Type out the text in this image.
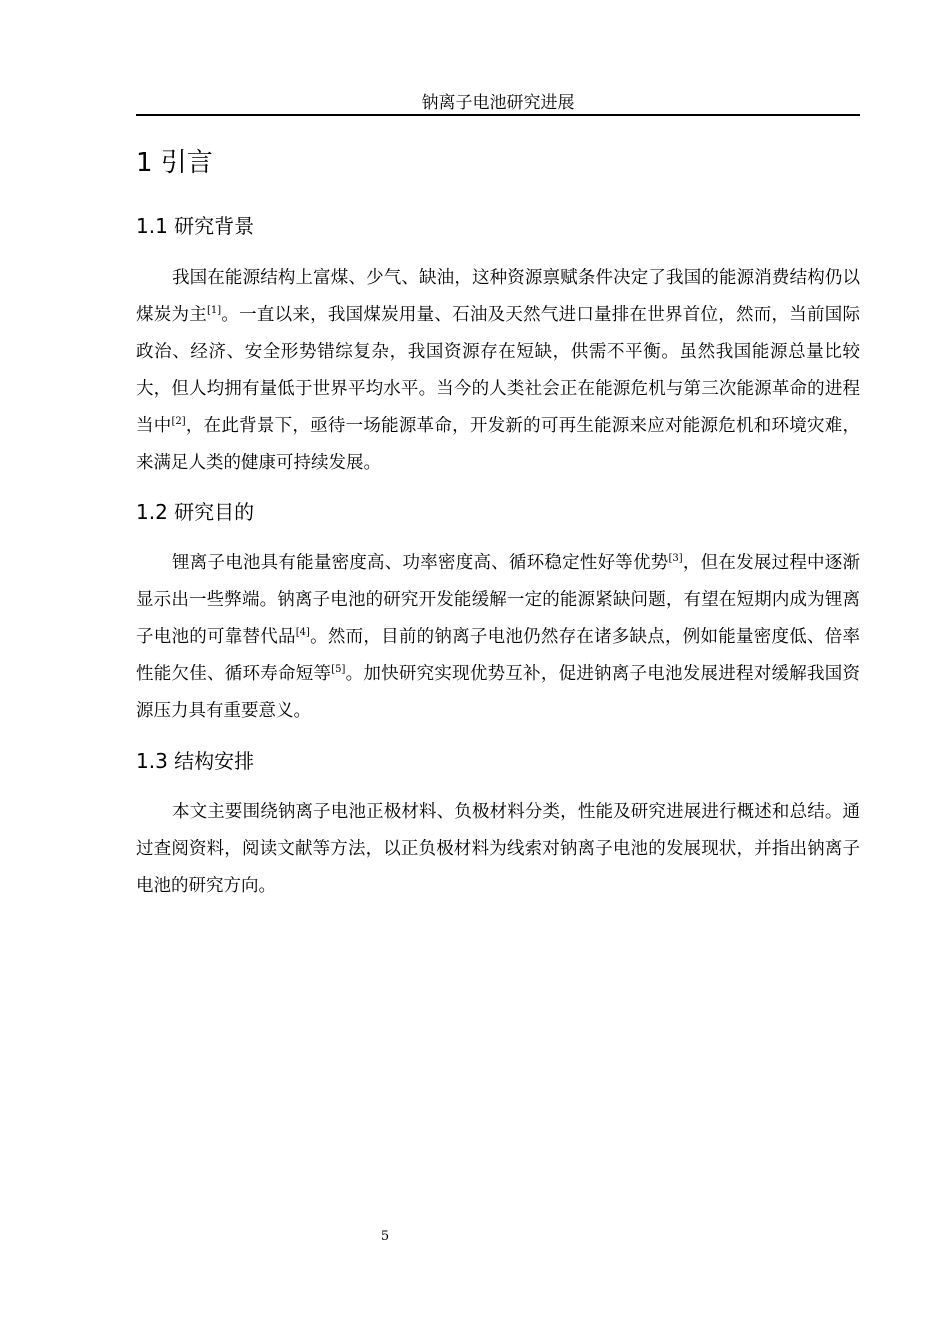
钠离子电池研究进展
1 引言
1.1 研究背景

我国在能源结构上富煤、少气、缺油，这种资源禀赋条件决定了我国的能源消费结构仍以煤炭为主[1]。一直以来，我国煤炭用量、石油及天然气进口量排在世界首位，然而，当前国际政治、经济、安全形势错综复杂，我国资源存在短缺，供需不平衡。虽然我国能源总量比较大，但人均拥有量低于世界平均水平。当今的人类社会正在能源危机与第三次能源革命的进程当中[2]，在此背景下，亟待一场能源革命，开发新的可再生能源来应对能源危机和环境灾难，来满足人类的健康可持续发展。

1.2 研究目的

锂离子电池具有能量密度高、功率密度高、循环稳定性好等优势[3]，但在发展过程中逐渐显示出一些弊端。钠离子电池的研究开发能缓解一定的能源紧缺问题，有望在短期内成为锂离子电池的可靠替代品[4]。然而，目前的钠离子电池仍然存在诸多缺点，例如能量密度低、倍率性能欠佳、循环寿命短等[5]。加快研究实现优势互补，促进钠离子电池发展进程对缓解我国资源压力具有重要意义。

1.3 结构安排

本文主要围绕钠离子电池正极材料、负极材料分类，性能及研究进展进行概述和总结。通过查阅资料，阅读文献等方法，以正负极材料为线索对钠离子电池的发展现状，并指出钠离子电池的研究方向。

5
